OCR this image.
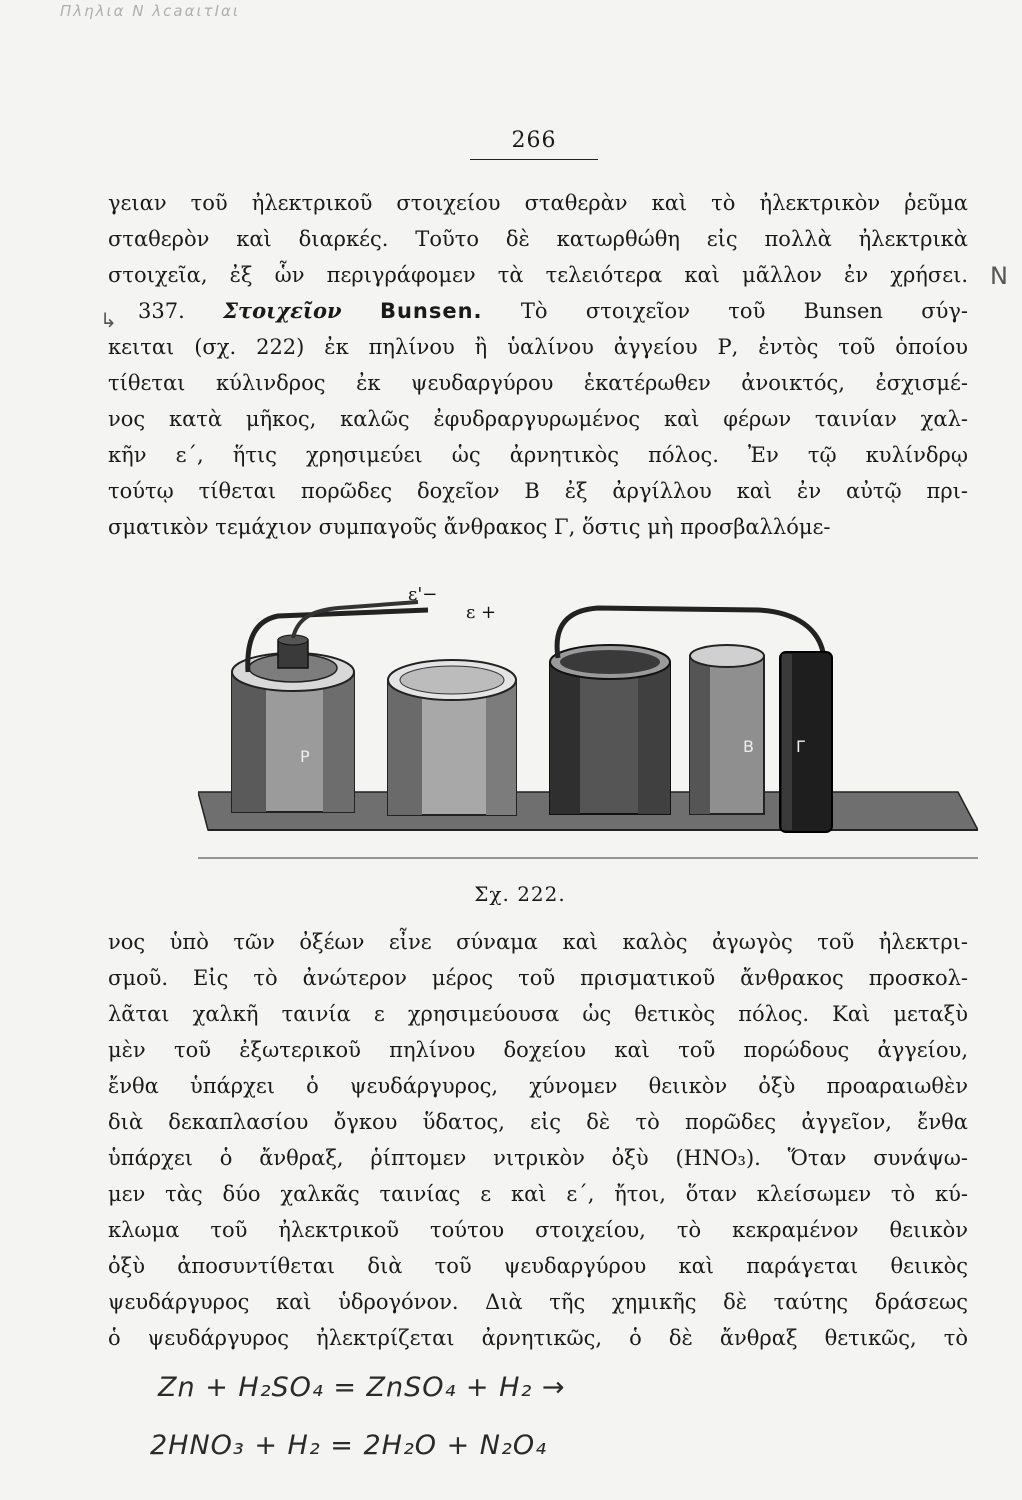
Πληλια Ν λcaαιτΙαι
266
γειαν τοῦ ἠλεκτρικοῦ στοιχείου σταθερὰν καὶ τὸ ἠλεκτρικὸν ῥεῦμα
σταθερὸν καὶ διαρκές. Τοῦτο δὲ κατωρθώθη εἰς πολλὰ ἠλεκτρικὰ
στοιχεῖα, ἐξ ὧν περιγράφομεν τὰ τελειότερα καὶ μᾶλλον ἐν χρήσει.
337. Στοιχεῖον Bunsen. Τὸ στοιχεῖον τοῦ Bunsen σύγ-
κειται (σχ. 222) ἐκ πηλίνου ἢ ὑαλίνου ἀγγείου Ρ, ἐντὸς τοῦ ὁποίου
τίθεται κύλινδρος ἐκ ψευδαργύρου ἑκατέρωθεν ἀνοικτός, ἐσχισμέ-
νος κατὰ μῆκος, καλῶς ἐφυδραργυρωμένος καὶ φέρων ταινίαν χαλ-
κῆν ε΄, ἥτις χρησιμεύει ὡς ἀρνητικὸς πόλος. Ἐν τῷ κυλίνδρῳ
τούτῳ τίθεται πορῶδες δοχεῖον Β ἐξ ἀργίλλου καὶ ἐν αὐτῷ πρι-
σματικὸν τεμάχιον συμπαγοῦς ἄνθρακος Γ, ὅστις μὴ προσβαλλόμε-
↳
P
B	Γ
ε'−
ε +
Σχ. 222.
νος ὑπὸ τῶν ὀξέων εἶνε σύναμα καὶ καλὸς ἀγωγὸς τοῦ ἠλεκτρι-
σμοῦ. Εἰς τὸ ἀνώτερον μέρος τοῦ πρισματικοῦ ἄνθρακος προσκολ-
λᾶται χαλκῆ ταινία ε χρησιμεύουσα ὡς θετικὸς πόλος. Καὶ μεταξὺ
μὲν τοῦ ἐξωτερικοῦ πηλίνου δοχείου καὶ τοῦ πορώδους ἀγγείου,
ἔνθα ὑπάρχει ὁ ψευδάργυρος, χύνομεν θειικὸν ὀξὺ προαραιωθὲν
διὰ δεκαπλασίου ὄγκου ὕδατος, εἰς δὲ τὸ πορῶδες ἀγγεῖον, ἔνθα
ὑπάρχει ὁ ἄνθραξ, ῥίπτομεν νιτρικὸν ὀξὺ (ΗΝΟ₃). Ὅταν συνάψω-
μεν τὰς δύο χαλκᾶς ταινίας ε καὶ ε΄, ἤτοι, ὅταν κλείσωμεν τὸ κύ-
κλωμα τοῦ ἠλεκτρικοῦ τούτου στοιχείου, τὸ κεκραμένον θειικὸν
ὀξὺ ἀποσυντίθεται διὰ τοῦ ψευδαργύρου καὶ παράγεται θειικὸς
ψευδάργυρος καὶ ὑδρογόνον. Διὰ τῆς χημικῆς δὲ ταύτης δράσεως
ὁ ψευδάργυρος ἠλεκτρίζεται ἀρνητικῶς, ὁ δὲ ἄνθραξ θετικῶς, τὸ
Zn + H₂SO₄ = ZnSO₄ + H₂ →
2HNO₃ + H₂ = 2H₂O + N₂O₄
N
